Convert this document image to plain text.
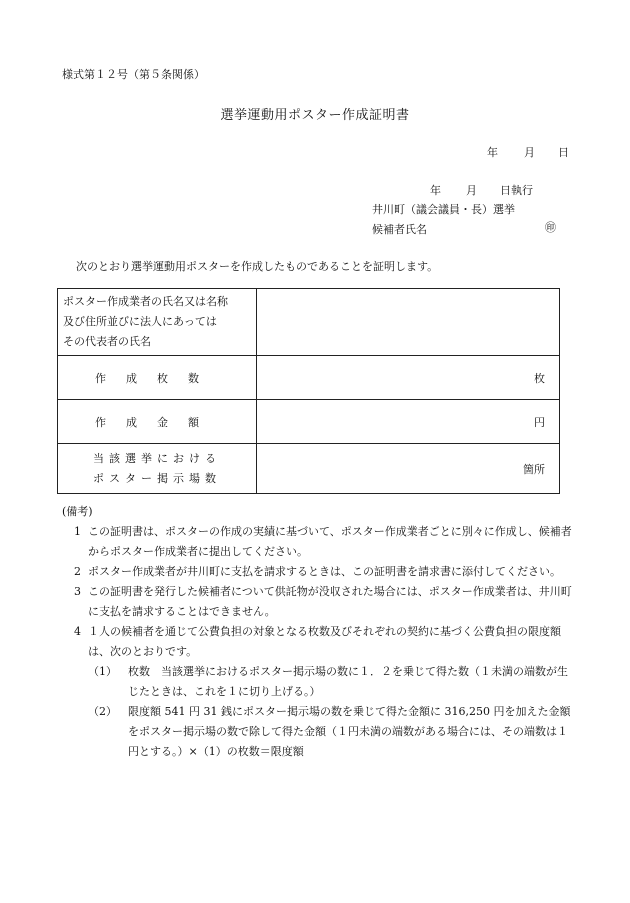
様式第１２号（第５条関係）
選挙運動用ポスター作成証明書
年 月 日
年 月 日執行
井川町（議会議員・長）選挙
候補者氏名	㊞
次のとおり選挙運動用ポスターを作成したものであることを証明します。
ポスター作成業者の氏名又は名称
及び住所並びに法人にあっては
その代表者の氏名	

作成枚数	枚
作成金額	円

当該選挙における
ポスター掲示場数	箇所
(備考)
1 この証明書は、ポスターの作成の実績に基づいて、ポスター作成業者ごとに別々に作成し、候補者からポスター作成業者に提出してください。
2 ポスター作成業者が井川町に支払を請求するときは、この証明書を請求書に添付してください。
3 この証明書を発行した候補者について供託物が没収された場合には、ポスター作成業者は、井川町に支払を請求することはできません。
4 １人の候補者を通じて公費負担の対象となる枚数及びそれぞれの契約に基づく公費負担の限度額は、次のとおりです。
（1） 枚数　当該選挙におけるポスター掲示場の数に１．２を乗じて得た数（１未満の端数が生じたときは、これを１に切り上げる。）
（2） 限度額 541 円 31 銭にポスター掲示場の数を乗じて得た金額に 316,250 円を加えた金額をポスター掲示場の数で除して得た金額（１円未満の端数がある場合には、その端数は１円とする。）×（1）の枚数＝限度額
